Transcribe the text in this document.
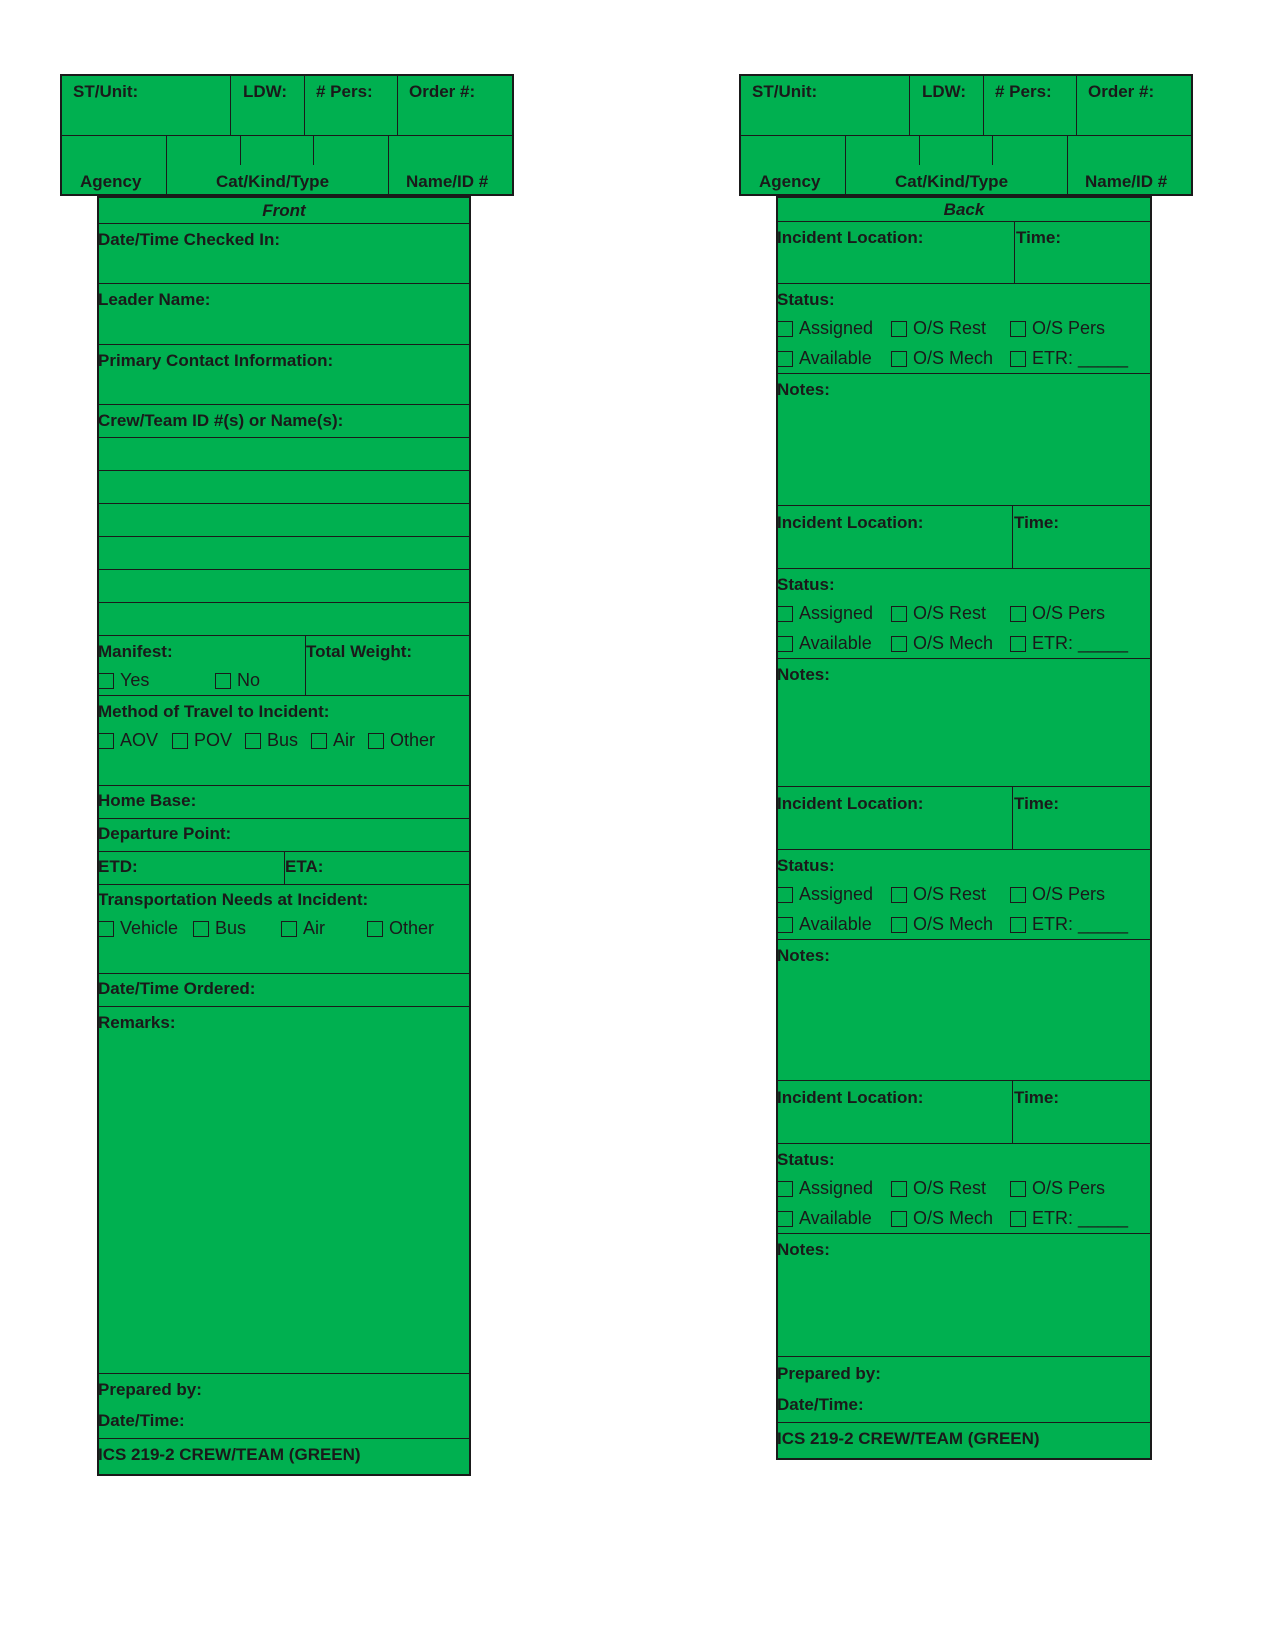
ST/Unit:	LDW: # Pers: Order #:
Agency	Cat/Kind/Type	Name/ID #
Front
Date/Time Checked In:
Leader Name:
Primary Contact Information:
Crew/Team ID #(s) or Name(s):
Manifest:	Total Weight:
Yes	No
Method of Travel to Incident:
AOV POV Bus Air Other
Home Base:
Departure Point:
ETD:	ETA:
Transportation Needs at Incident:
Vehicle Bus	Air	Other
Date/Time Ordered:
Remarks:
Prepared by:
Date/Time:
ICS 219-2 CREW/TEAM (GREEN)
ST/Unit:	LDW: # Pers: Order #:
Agency	Cat/Kind/Type	Name/ID #
Back
Incident Location:	Time:
Status:
Assigned O/S Rest	O/S Pers
Available O/S Mech ETR: _____
Notes:
Incident Location:	Time:
Status:
Assigned O/S Rest	O/S Pers
Available O/S Mech ETR: _____
Notes:
Incident Location:	Time:
Status:
Assigned O/S Rest	O/S Pers
Available O/S Mech ETR: _____
Notes:
Incident Location:	Time:
Status:
Assigned O/S Rest	O/S Pers
Available O/S Mech ETR: _____
Notes:
Prepared by:
Date/Time:
ICS 219-2 CREW/TEAM (GREEN)
